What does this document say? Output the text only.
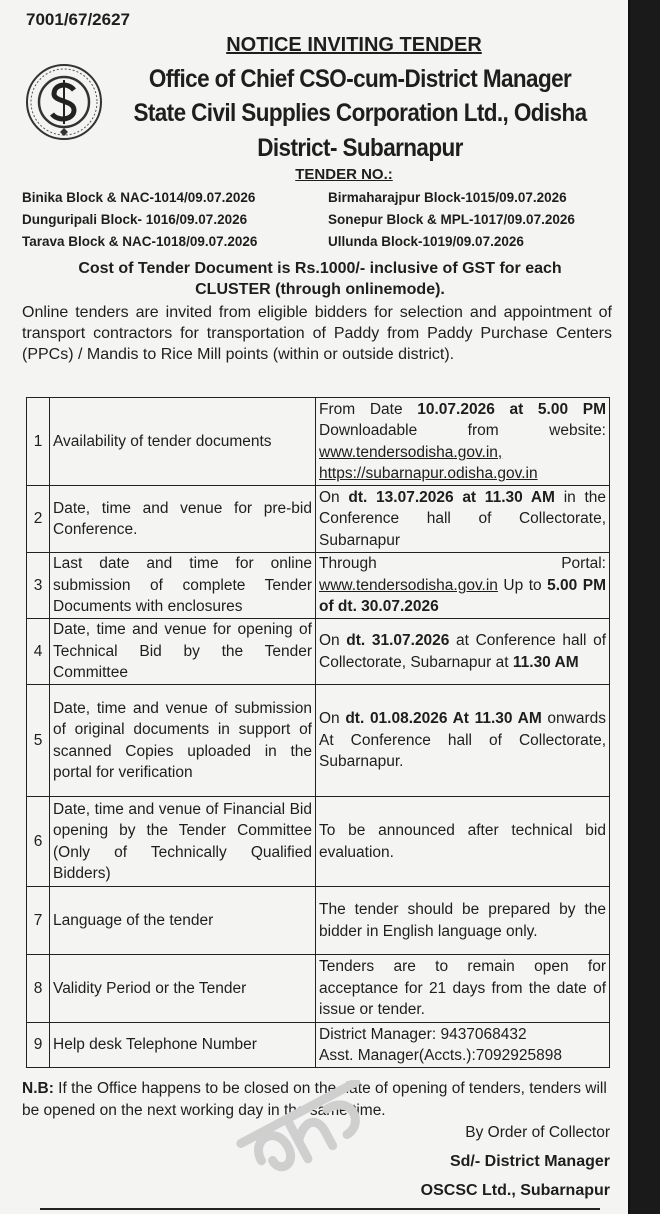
7001/67/2627
NOTICE INVITING TENDER
Office of Chief CSO-cum-District Manager
State Civil Supplies Corporation Ltd., Odisha
District- Subarnapur
TENDER NO.:
Binika Block & NAC-1014/09.07.2026	Birmaharajpur Block-1015/09.07.2026
Dunguripali Block- 1016/09.07.2026	Sonepur Block & MPL-1017/09.07.2026
Tarava Block & NAC-1018/09.07.2026	Ullunda Block-1019/09.07.2026
Cost of Tender Document is Rs.1000/- inclusive of GST for each
CLUSTER (through onlinemode).
Online tenders are invited from eligible bidders for selection and appointment of transport contractors for transportation of Paddy from Paddy Purchase Centers (PPCs) / Mandis to Rice Mill points (within or outside district).
1	Availability of tender documents	From Date 10.07.2026 at 5.00 PM Downloadable from website: www.tendersodisha.gov.in, https://subarnapur.odisha.gov.in
2	Date, time and venue for pre-bid Conference.	On dt. 13.07.2026 at 11.30 AM in the Conference hall of Collectorate, Subarnapur
3	Last date and time for online submission of complete Tender Documents with enclosures	Through Portal: www.tendersodisha.gov.in Up to 5.00 PM of dt. 30.07.2026
4	Date, time and venue for opening of Technical Bid by the Tender Committee	On dt. 31.07.2026 at Conference hall of Collectorate, Subarnapur at 11.30 AM
5	Date, time and venue of submission of original documents in support of scanned Copies uploaded in the portal for verification	On dt. 01.08.2026 At 11.30 AM onwards At Conference hall of Collectorate, Subarnapur.
6	Date, time and venue of Financial Bid opening by the Tender Committee (Only of Technically Qualified Bidders)	To be announced after technical bid evaluation.
7	Language of the tender	The tender should be prepared by the bidder in English language only.
8	Validity Period or the Tender	Tenders are to remain open for acceptance for 21 days from the date of issue or tender.
9	Help desk Telephone Number	District Manager: 9437068432
Asst. Manager(Accts.):7092925898
N.B: If the Office happens to be closed on the date of opening of tenders, tenders will be opened on the next working day in the same time.
By Order of Collector
Sd/- District Manager
OSCSC Ltd., Subarnapur
